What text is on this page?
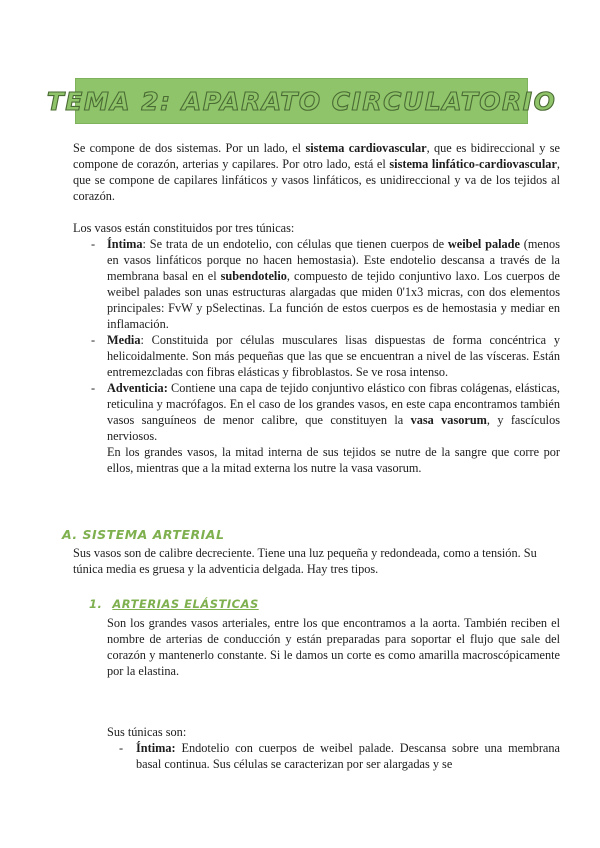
TEMA 2: APARATO CIRCULATORIO

Se compone de dos sistemas. Por un lado, el sistema cardiovascular, que es bidireccional y se compone de corazón, arterias y capilares. Por otro lado, está el sistema linfático-cardiovascular, que se compone de capilares linfáticos y vasos linfáticos, es unidireccional y va de los tejidos al corazón.

Los vasos están constituidos por tres túnicas:

- Íntima: Se trata de un endotelio, con células que tienen cuerpos de weibel palade (menos en vasos linfáticos porque no hacen hemostasia). Este endotelio descansa a través de la membrana basal en el subendotelio, compuesto de tejido conjuntivo laxo. Los cuerpos de weibel palades son unas estructuras alargadas que miden 0'1x3 micras, con dos elementos principales: FvW y pSelectinas. La función de estos cuerpos es de hemostasia y mediar en inflamación.
- Media: Constituida por células musculares lisas dispuestas de forma concéntrica y helicoidalmente. Son más pequeñas que las que se encuentran a nivel de las vísceras. Están entremezcladas con fibras elásticas y fibroblastos. Se ve rosa intenso.
- Adventicia: Contiene una capa de tejido conjuntivo elástico con fibras colágenas, elásticas, reticulina y macrófagos. En el caso de los grandes vasos, en este capa encontramos también vasos sanguíneos de menor calibre, que constituyen la vasa vasorum, y fascículos nerviosos.

En los grandes vasos, la mitad interna de sus tejidos se nutre de la sangre que corre por ellos, mientras que a la mitad externa los nutre la vasa vasorum.

A. SISTEMA ARTERIAL

Sus vasos son de calibre decreciente. Tiene una luz pequeña y redondeada, como a tensión. Su túnica media es gruesa y la adventicia delgada. Hay tres tipos.

1. ARTERIAS ELÁSTICAS

Son los grandes vasos arteriales, entre los que encontramos a la aorta. También reciben el nombre de arterias de conducción y están preparadas para soportar el flujo que sale del corazón y mantenerlo constante. Si le damos un corte es como amarilla macroscópicamente por la elastina.

Sus túnicas son:

- Íntima: Endotelio con cuerpos de weibel palade. Descansa sobre una membrana basal continua. Sus células se caracterizan por ser alargadas y se
